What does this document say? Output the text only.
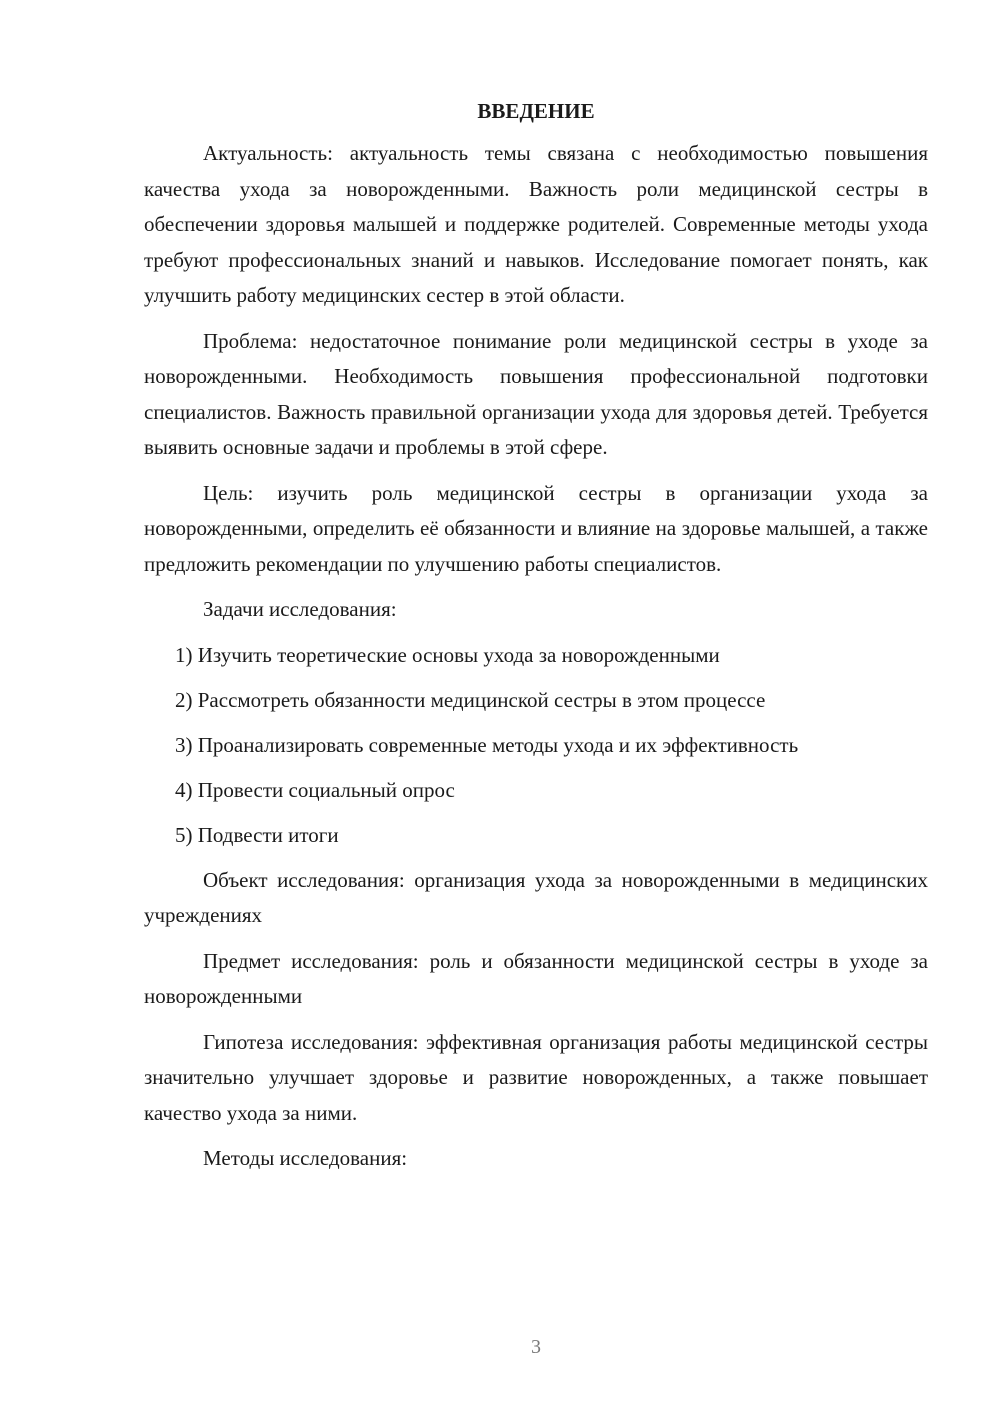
ВВЕДЕНИЕ

Актуальность: актуальность темы связана с необходимостью повышения качества ухода за новорожденными. Важность роли медицинской сестры в обеспечении здоровья малышей и поддержке родителей. Современные методы ухода требуют профессиональных знаний и навыков. Исследование помогает понять, как улучшить работу медицинских сестер в этой области.

Проблема: недостаточное понимание роли медицинской сестры в уходе за новорожденными. Необходимость повышения профессиональной подготовки специалистов. Важность правильной организации ухода для здоровья детей. Требуется выявить основные задачи и проблемы в этой сфере.

Цель: изучить роль медицинской сестры в организации ухода за новорожденными, определить её обязанности и влияние на здоровье малышей, а также предложить рекомендации по улучшению работы специалистов.

Задачи исследования:

1) Изучить теоретические основы ухода за новорожденными
2) Рассмотреть обязанности медицинской сестры в этом процессе
3) Проанализировать современные методы ухода и их эффективность
4) Провести социальный опрос
5) Подвести итоги

Объект исследования: организация ухода за новорожденными в медицинских учреждениях

Предмет исследования: роль и обязанности медицинской сестры в уходе за новорожденными

Гипотеза исследования: эффективная организация работы медицинской сестры значительно улучшает здоровье и развитие новорожденных, а также повышает качество ухода за ними.

Методы исследования:

3
